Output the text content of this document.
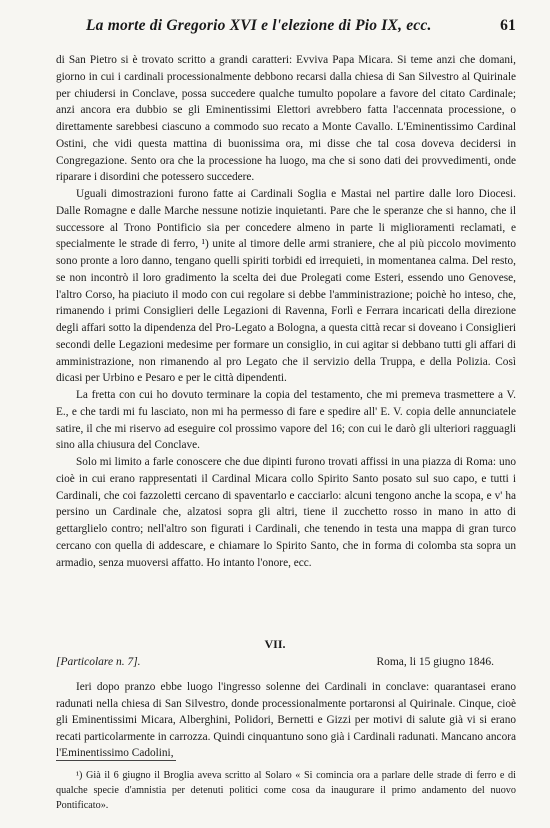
La morte di Gregorio XVI e l'elezione di Pio IX, ecc.	61

di San Pietro si è trovato scritto a grandi caratteri: Evviva Papa Micara. Si teme anzi che domani, giorno in cui i cardinali processionalmente debbono recarsi dalla chiesa di San Silvestro al Quirinale per chiudersi in Conclave, possa succedere qualche tumulto popolare a favore del citato Cardinale; anzi ancora era dubbio se gli Eminentissimi Elettori avrebbero fatta l'accennata processione, o direttamente sarebbesi ciascuno a commodo suo recato a Monte Cavallo. L'Eminentissimo Cardinal Ostini, che vidi questa mattina di buonissima ora, mi disse che tal cosa doveva decidersi in Congregazione. Sento ora che la processione ha luogo, ma che si sono dati dei provvedimenti, onde riparare i disordini che potessero succedere.

Uguali dimostrazioni furono fatte ai Cardinali Soglia e Mastai nel partire dalle loro Diocesi. Dalle Romagne e dalle Marche nessune notizie inquietanti. Pare che le speranze che si hanno, che il successore al Trono Pontificio sia per concedere almeno in parte li miglioramenti reclamati, e specialmente le strade di ferro, ¹) unite al timore delle armi straniere, che al più piccolo movimento sono pronte a loro danno, tengano quelli spiriti torbidi ed irrequieti, in momentanea calma. Del resto, se non incontrò il loro gradimento la scelta dei due Prolegati come Esteri, essendo uno Genovese, l'altro Corso, ha piaciuto il modo con cui regolare si debbe l'amministrazione; poichè ho inteso, che, rimanendo i primi Consiglieri delle Legazioni di Ravenna, Forlì e Ferrara incaricati della direzione degli affari sotto la dipendenza del Pro-Legato a Bologna, a questa città recar si doveano i Consiglieri secondi delle Legazioni medesime per formare un consiglio, in cui agitar si debbano tutti gli affari di amministrazione, non rimanendo al pro Legato che il servizio della Truppa, e della Polizia. Così dicasi per Urbino e Pesaro e per le città dipendenti.

La fretta con cui ho dovuto terminare la copia del testamento, che mi premeva trasmettere a V. E., e che tardi mi fu lasciato, non mi ha permesso di fare e spedire all' E. V. copia delle annunciatele satire, il che mi riservo ad eseguire col prossimo vapore del 16; con cui le darò gli ulteriori ragguagli sino alla chiusura del Conclave.

Solo mi limito a farle conoscere che due dipinti furono trovati affissi in una piazza di Roma: uno cioè in cui erano rappresentati il Cardinal Micara collo Spirito Santo posato sul suo capo, e tutti i Cardinali, che coi fazzoletti cercano di spaventarlo e cacciarlo: alcuni tengono anche la scopa, e v' ha persino un Cardinale che, alzatosi sopra gli altri, tiene il zucchetto rosso in mano in atto di gettarglielo contro; nell'altro son figurati i Cardinali, che tenendo in testa una mappa di gran turco cercano con quella di addescare, e chiamare lo Spirito Santo, che in forma di colomba sta sopra un armadio, senza muoversi affatto. Ho intanto l'onore, ecc.

VII.
[Particolare n. 7].	Roma, li 15 giugno 1846.

Ieri dopo pranzo ebbe luogo l'ingresso solenne dei Cardinali in conclave: quarantasei erano radunati nella chiesa di San Silvestro, donde processionalmente portaronsi al Quirinale. Cinque, cioè gli Eminentissimi Micara, Alberghini, Polidori, Bernetti e Gizzi per motivi di salute già vi si erano recati particolarmente in carrozza. Quindi cinquantuno sono già i Cardinali radunati. Mancano ancora l'Eminentissimo Cadolini,

¹) Già il 6 giugno il Broglia aveva scritto al Solaro « Si comincia ora a parlare delle strade di ferro e di qualche specie d'amnistia per detenuti politici come cosa da inaugurare il primo andamento del nuovo Pontificato».
